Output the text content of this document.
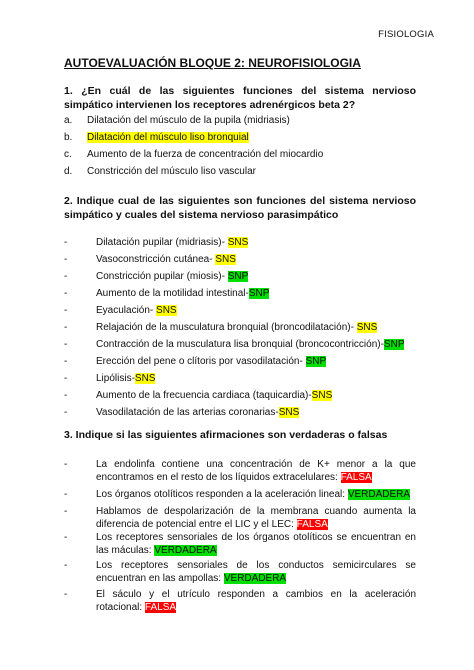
FISIOLOGIA
AUTOEVALUACIÓN BLOQUE 2: NEUROFISIOLOGIA
1. ¿En cuál de las siguientes funciones del sistema nervioso simpático intervienen los receptores adrenérgicos beta 2?
a. Dilatación del músculo de la pupila (midriasis)
b. Dilatación del músculo liso bronquial
c. Aumento de la fuerza de concentración del miocardio
d. Constricción del músculo liso vascular
2. Indique cual de las siguientes son funciones del sistema nervioso simpático y cuales del sistema nervioso parasimpático
-	Dilatación pupilar (midriasis)- SNS
-	Vasoconstricción cutánea- SNS
-	Constricción pupilar (miosis)- SNP
-	Aumento de la motilidad intestinal-SNP
-	Eyaculación- SNS
-	Relajación de la musculatura bronquial (broncodilatación)- SNS
-	Contracción de la musculatura lisa bronquial (broncocontricción)-SNP
-	Erección del pene o clítoris por vasodilatación- SNP
-	Lipólisis-SNS
-	Aumento de la frecuencia cardiaca (taquicardia)-SNS
-	Vasodilatación de las arterias coronarias-SNS
3. Indique si las siguientes afirmaciones son verdaderas o falsas
-	La endolinfa contiene una concentración de K+ menor a la que encontramos en el resto de los líquidos extracelulares: FALSA
-	Los órganos otolíticos responden a la aceleración lineal: VERDADERA
-	Hablamos de despolarización de la membrana cuando aumenta la diferencia de potencial entre el LIC y el LEC: FALSA
-	Los receptores sensoriales de los órganos otolíticos se encuentran en las máculas: VERDADERA
-	Los receptores sensoriales de los conductos semicirculares se encuentran en las ampollas: VERDADERA
-	El sáculo y el utrículo responden a cambios en la aceleración rotacional: FALSA
